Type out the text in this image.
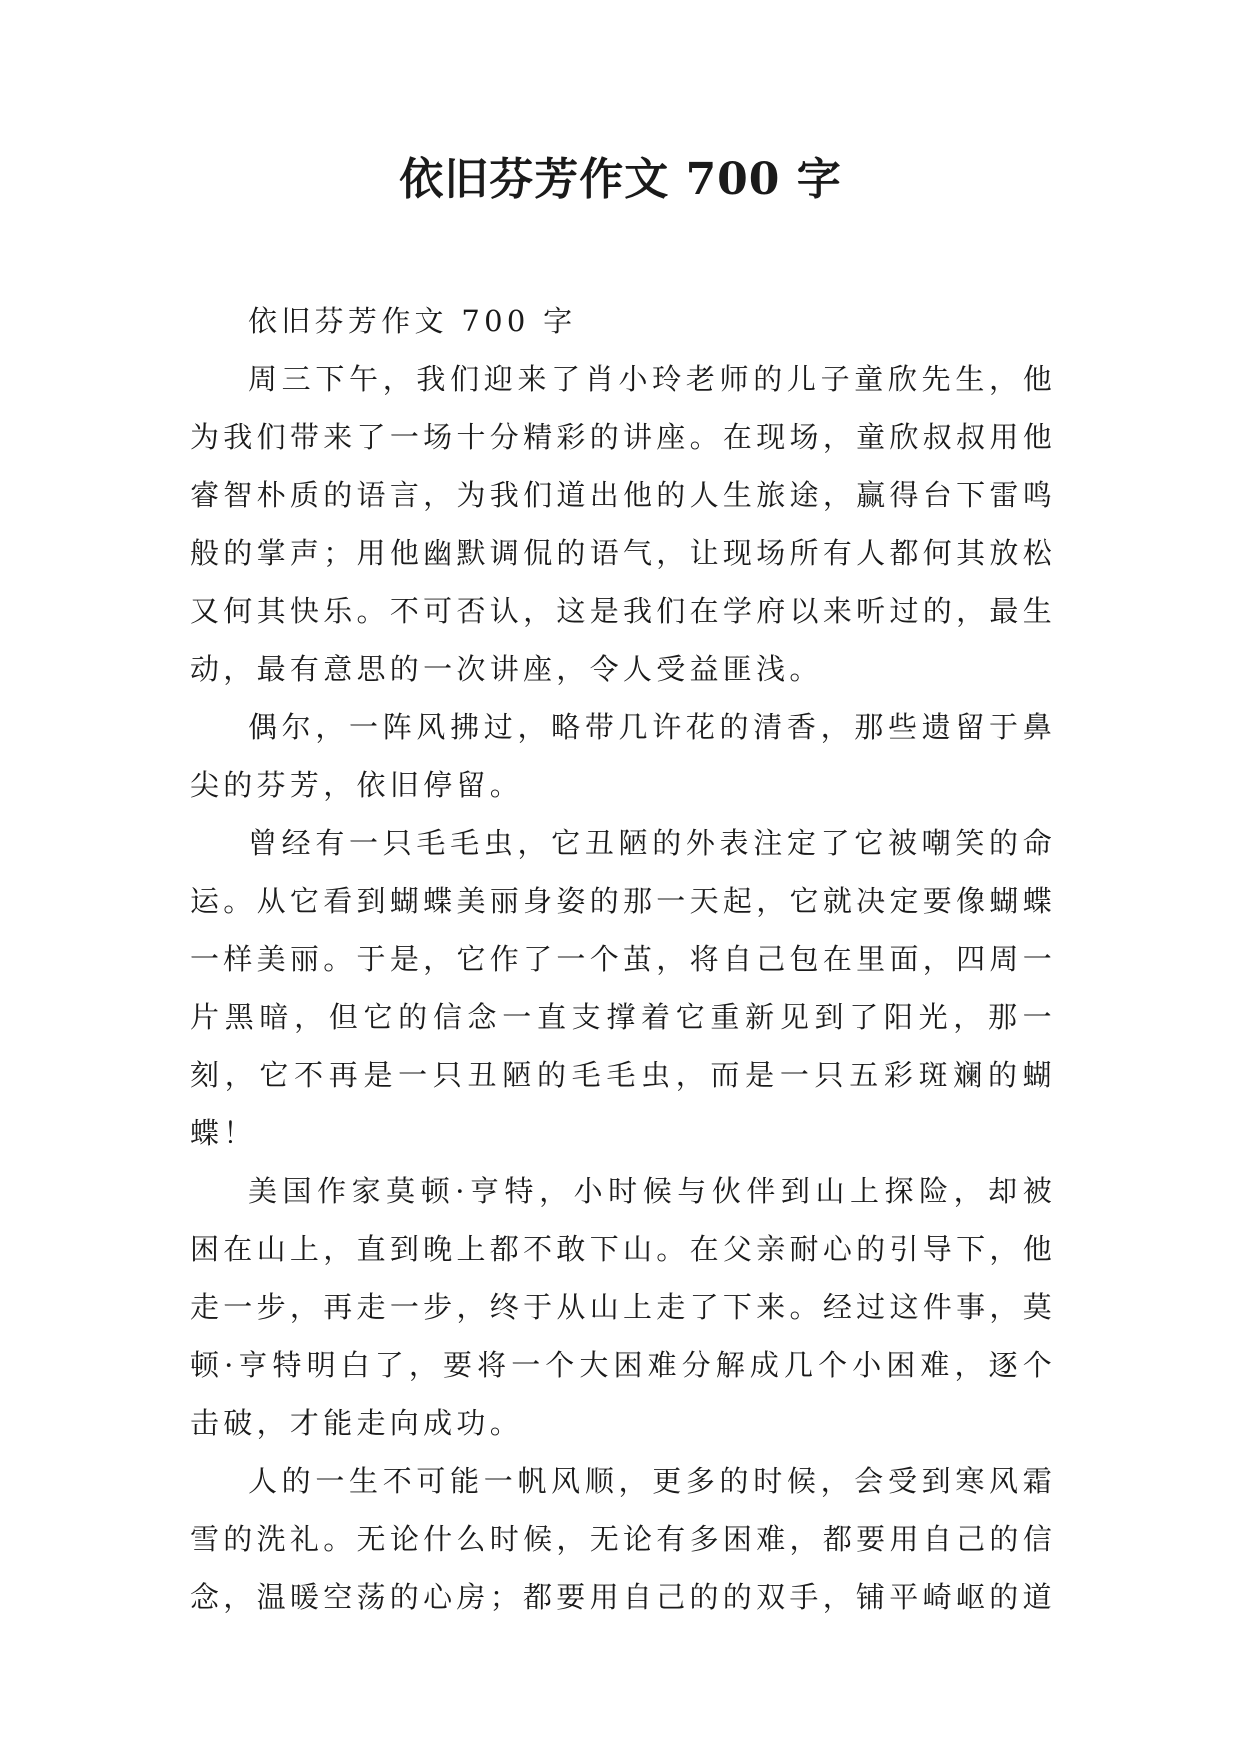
依旧芬芳作文 700 字

依旧芬芳作文 700 字

周三下午，我们迎来了肖小玲老师的儿子童欣先生，他为我们带来了一场十分精彩的讲座。在现场，童欣叔叔用他睿智朴质的语言，为我们道出他的人生旅途，赢得台下雷鸣般的掌声；用他幽默调侃的语气，让现场所有人都何其放松又何其快乐。不可否认，这是我们在学府以来听过的，最生动，最有意思的一次讲座，令人受益匪浅。

偶尔，一阵风拂过，略带几许花的清香，那些遗留于鼻尖的芬芳，依旧停留。

曾经有一只毛毛虫，它丑陋的外表注定了它被嘲笑的命运。从它看到蝴蝶美丽身姿的那一天起，它就决定要像蝴蝶一样美丽。于是，它作了一个茧，将自己包在里面，四周一片黑暗，但它的信念一直支撑着它重新见到了阳光，那一刻，它不再是一只丑陋的毛毛虫，而是一只五彩斑斓的蝴蝶！

美国作家莫顿·亨特，小时候与伙伴到山上探险，却被困在山上，直到晚上都不敢下山。在父亲耐心的引导下，他走一步，再走一步，终于从山上走了下来。经过这件事，莫顿·亨特明白了，要将一个大困难分解成几个小困难，逐个击破，才能走向成功。

人的一生不可能一帆风顺，更多的时候，会受到寒风霜雪的洗礼。无论什么时候，无论有多困难，都要用自己的信念，温暖空荡的心房；都要用自己的的双手，铺平崎岖的道
